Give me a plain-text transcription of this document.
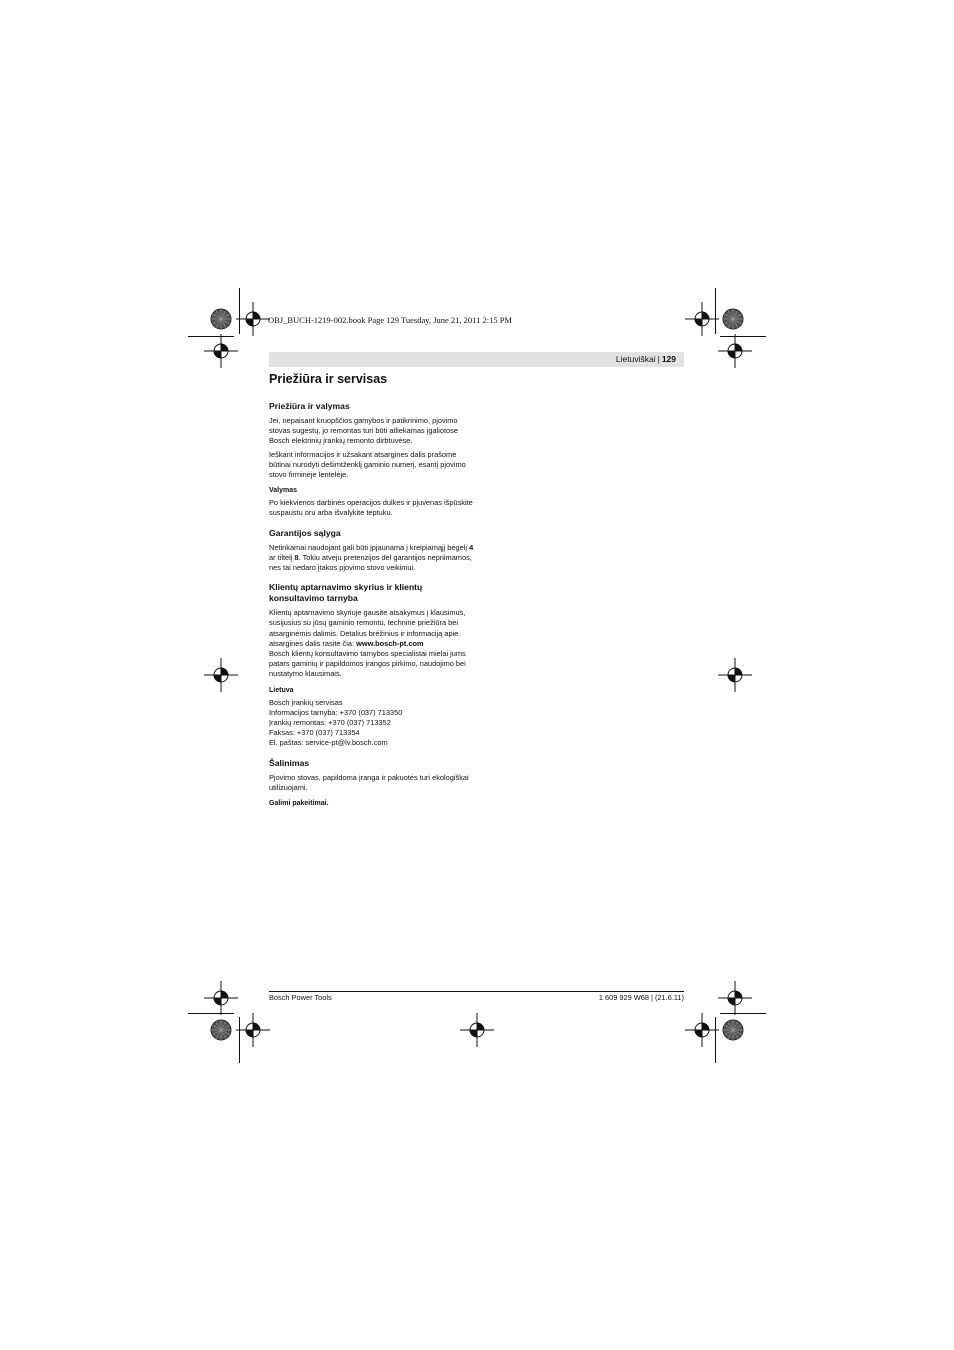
OBJ_BUCH-1219-002.book Page 129 Tuesday, June 21, 2011 2:15 PM
Lietuviškai | 129
Priežiūra ir servisas
Priežiūra ir valymas

Jei, nepaisant kruopščios gamybos ir patikrinimo, pjovimo stovas sugestų, jo remontas turi būti atliekamas įgaliotose Bosch elektrinių įrankių remonto dirbtuvėse.

Ieškant informacijos ir užsakant atsargines dalis prašome būtinai nurodyti dešimtženklį gaminio numerį, esantį pjovimo stovo firminėje lentelėje.

Valymas

Po kiekvienos darbinės operacijos dulkes ir pjuvenas išpūskite suspaustu oru arba išvalykite teptuku.

Garantijos sąlyga

Netinkamai naudojant gali būti įpjaunama į kreipiamąjį bėgelį 4 ar tiltelį 8. Tokiu atveju pretenzijos dėl garantijos nepriimamos, nes tai nedaro įtakos pjovimo stovo veikimui.

Klientų aptarnavimo skyrius ir klientų konsultavimo tarnyba

Klientų aptarnavimo skyriuje gausite atsakymus į klausimus, susijusius su jūsų gaminio remontu, technine priežiūra bei atsarginėmis dalimis. Detalius brėžinius ir informaciją apie atsargines dalis rasite čia: www.bosch-pt.com

Bosch klientų konsultavimo tarnybos specialistai mielai jums patars gaminių ir papildomos įrangos pirkimo, naudojimo bei nustatymo klausimais.

Lietuva

Bosch įrankių servisas

Informacijos tarnyba: +370 (037) 713350

Įrankių remontas: +370 (037) 713352

Faksas: +370 (037) 713354

El. paštas: service-pt@lv.bosch.com

Šalinimas

Pjovimo stovas, papildoma įranga ir pakuotės turi ekologiškai utilizuojami.

Galimi pakeitimai.
Bosch Power Tools	1 609 929 W68 | (21.6.11)
